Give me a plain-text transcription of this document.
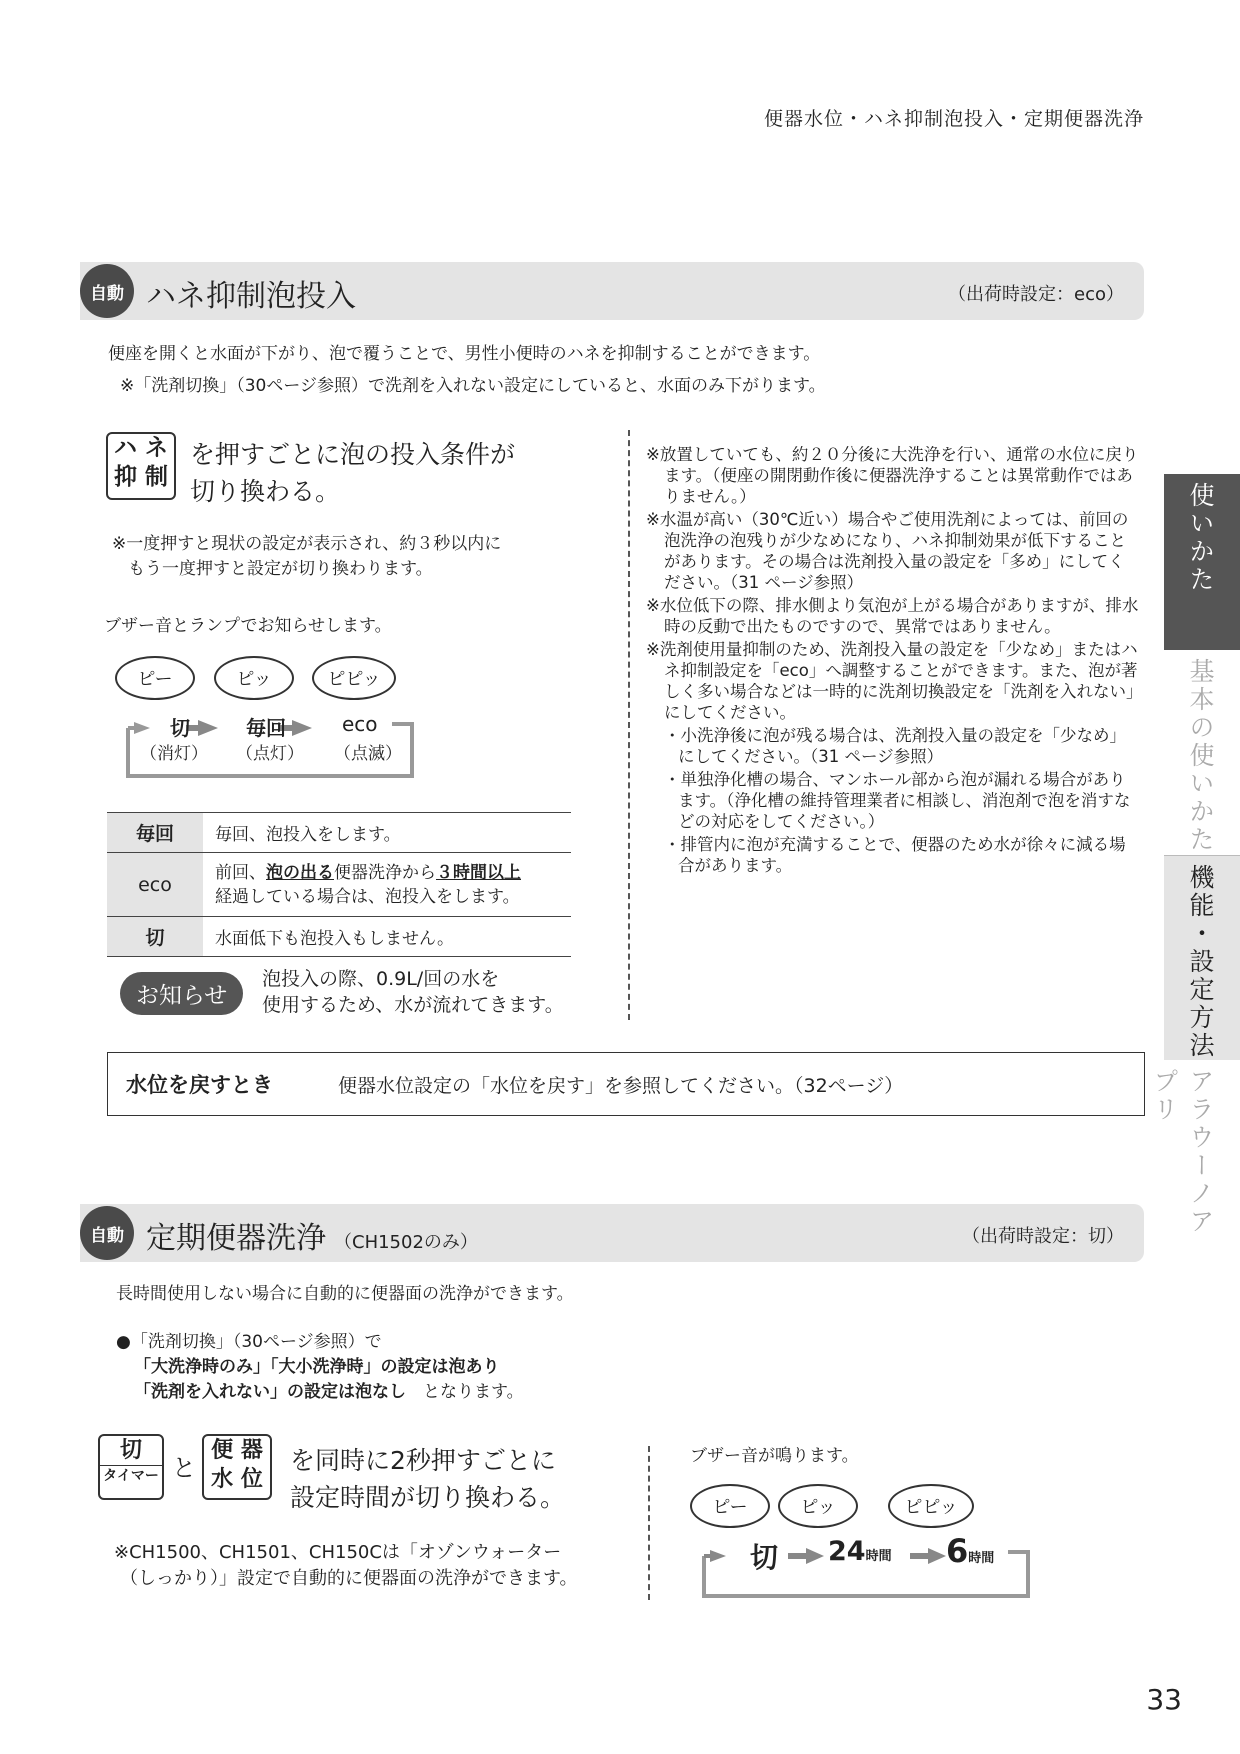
便器水位・ハネ抑制泡投入・定期便器洗浄
使いかた
基本の使いかた
機能・設定方法
アラウーノアプリ
自動 ハネ抑制泡投入	（出荷時設定：eco）
便座を開くと水面が下がり、泡で覆うことで、男性小便時のハネを抑制することができます。
※「洗剤切換」（30ページ参照）で洗剤を入れない設定にしていると、水面のみ下がります。
ハ ネ
抑 制
を押すごとに泡の投入条件が
切り換わる。
※一度押すと現状の設定が表示され、約３秒以内に
もう一度押すと設定が切り換わります。
ブザー音とランプでお知らせします。
ピー	ピッ	ピピッ
切	毎回	eco
（消灯） （点灯） （点滅）
毎回	毎回、泡投入をします。
eco	前回、泡の出る便器洗浄から３時間以上
経過している場合は、泡投入をします。
切	水面低下も泡投入もしません。
お知らせ
泡投入の際、0.9L/回の水を
使用するため、水が流れてきます。

※放置していても、約２０分後に大洗浄を行い、通常の水位に戻ります。（便座の開閉動作後に便器洗浄することは異常動作ではありません。）

※水温が高い（30℃近い）場合やご使用洗剤によっては、前回の泡洗浄の泡残りが少なめになり、ハネ抑制効果が低下することがあります。その場合は洗剤投入量の設定を「多め」にしてください。（31 ページ参照）

※水位低下の際、排水側より気泡が上がる場合がありますが、排水時の反動で出たものですので、異常ではありません。

※洗剤使用量抑制のため、洗剤投入量の設定を「少なめ」またはハネ抑制設定を「eco」へ調整することができます。また、泡が著しく多い場合などは一時的に洗剤切換設定を「洗剤を入れない」にしてください。

・小洗浄後に泡が残る場合は、洗剤投入量の設定を「少なめ」にしてください。（31 ページ参照）

・単独浄化槽の場合、マンホール部から泡が漏れる場合があります。（浄化槽の維持管理業者に相談し、消泡剤で泡を消すなどの対応をしてください。）

・排管内に泡が充満することで、便器のため水が徐々に減る場合があります。

水位を戻すとき	便器水位設定の「水位を戻す」を参照してください。（32ページ）
自動 定期便器洗浄 （CH1502のみ）	（出荷時設定：切）
長時間使用しない場合に自動的に便器面の洗浄ができます。
●「洗剤切換」（30ページ参照）で
「大洗浄時のみ」「大小洗浄時」の設定は泡あり
「洗剤を入れない」の設定は泡なし　となります。
切
タイマー と
便 器
水 位
を同時に2秒押すごとに
設定時間が切り換わる。
※CH1500、CH1501、CH150Cは「オゾンウォーター
（しっかり）」設定で自動的に便器面の洗浄ができます。
ブザー音が鳴ります。
ピー	ピッ	ピピッ
切 24時間 6時間
33
